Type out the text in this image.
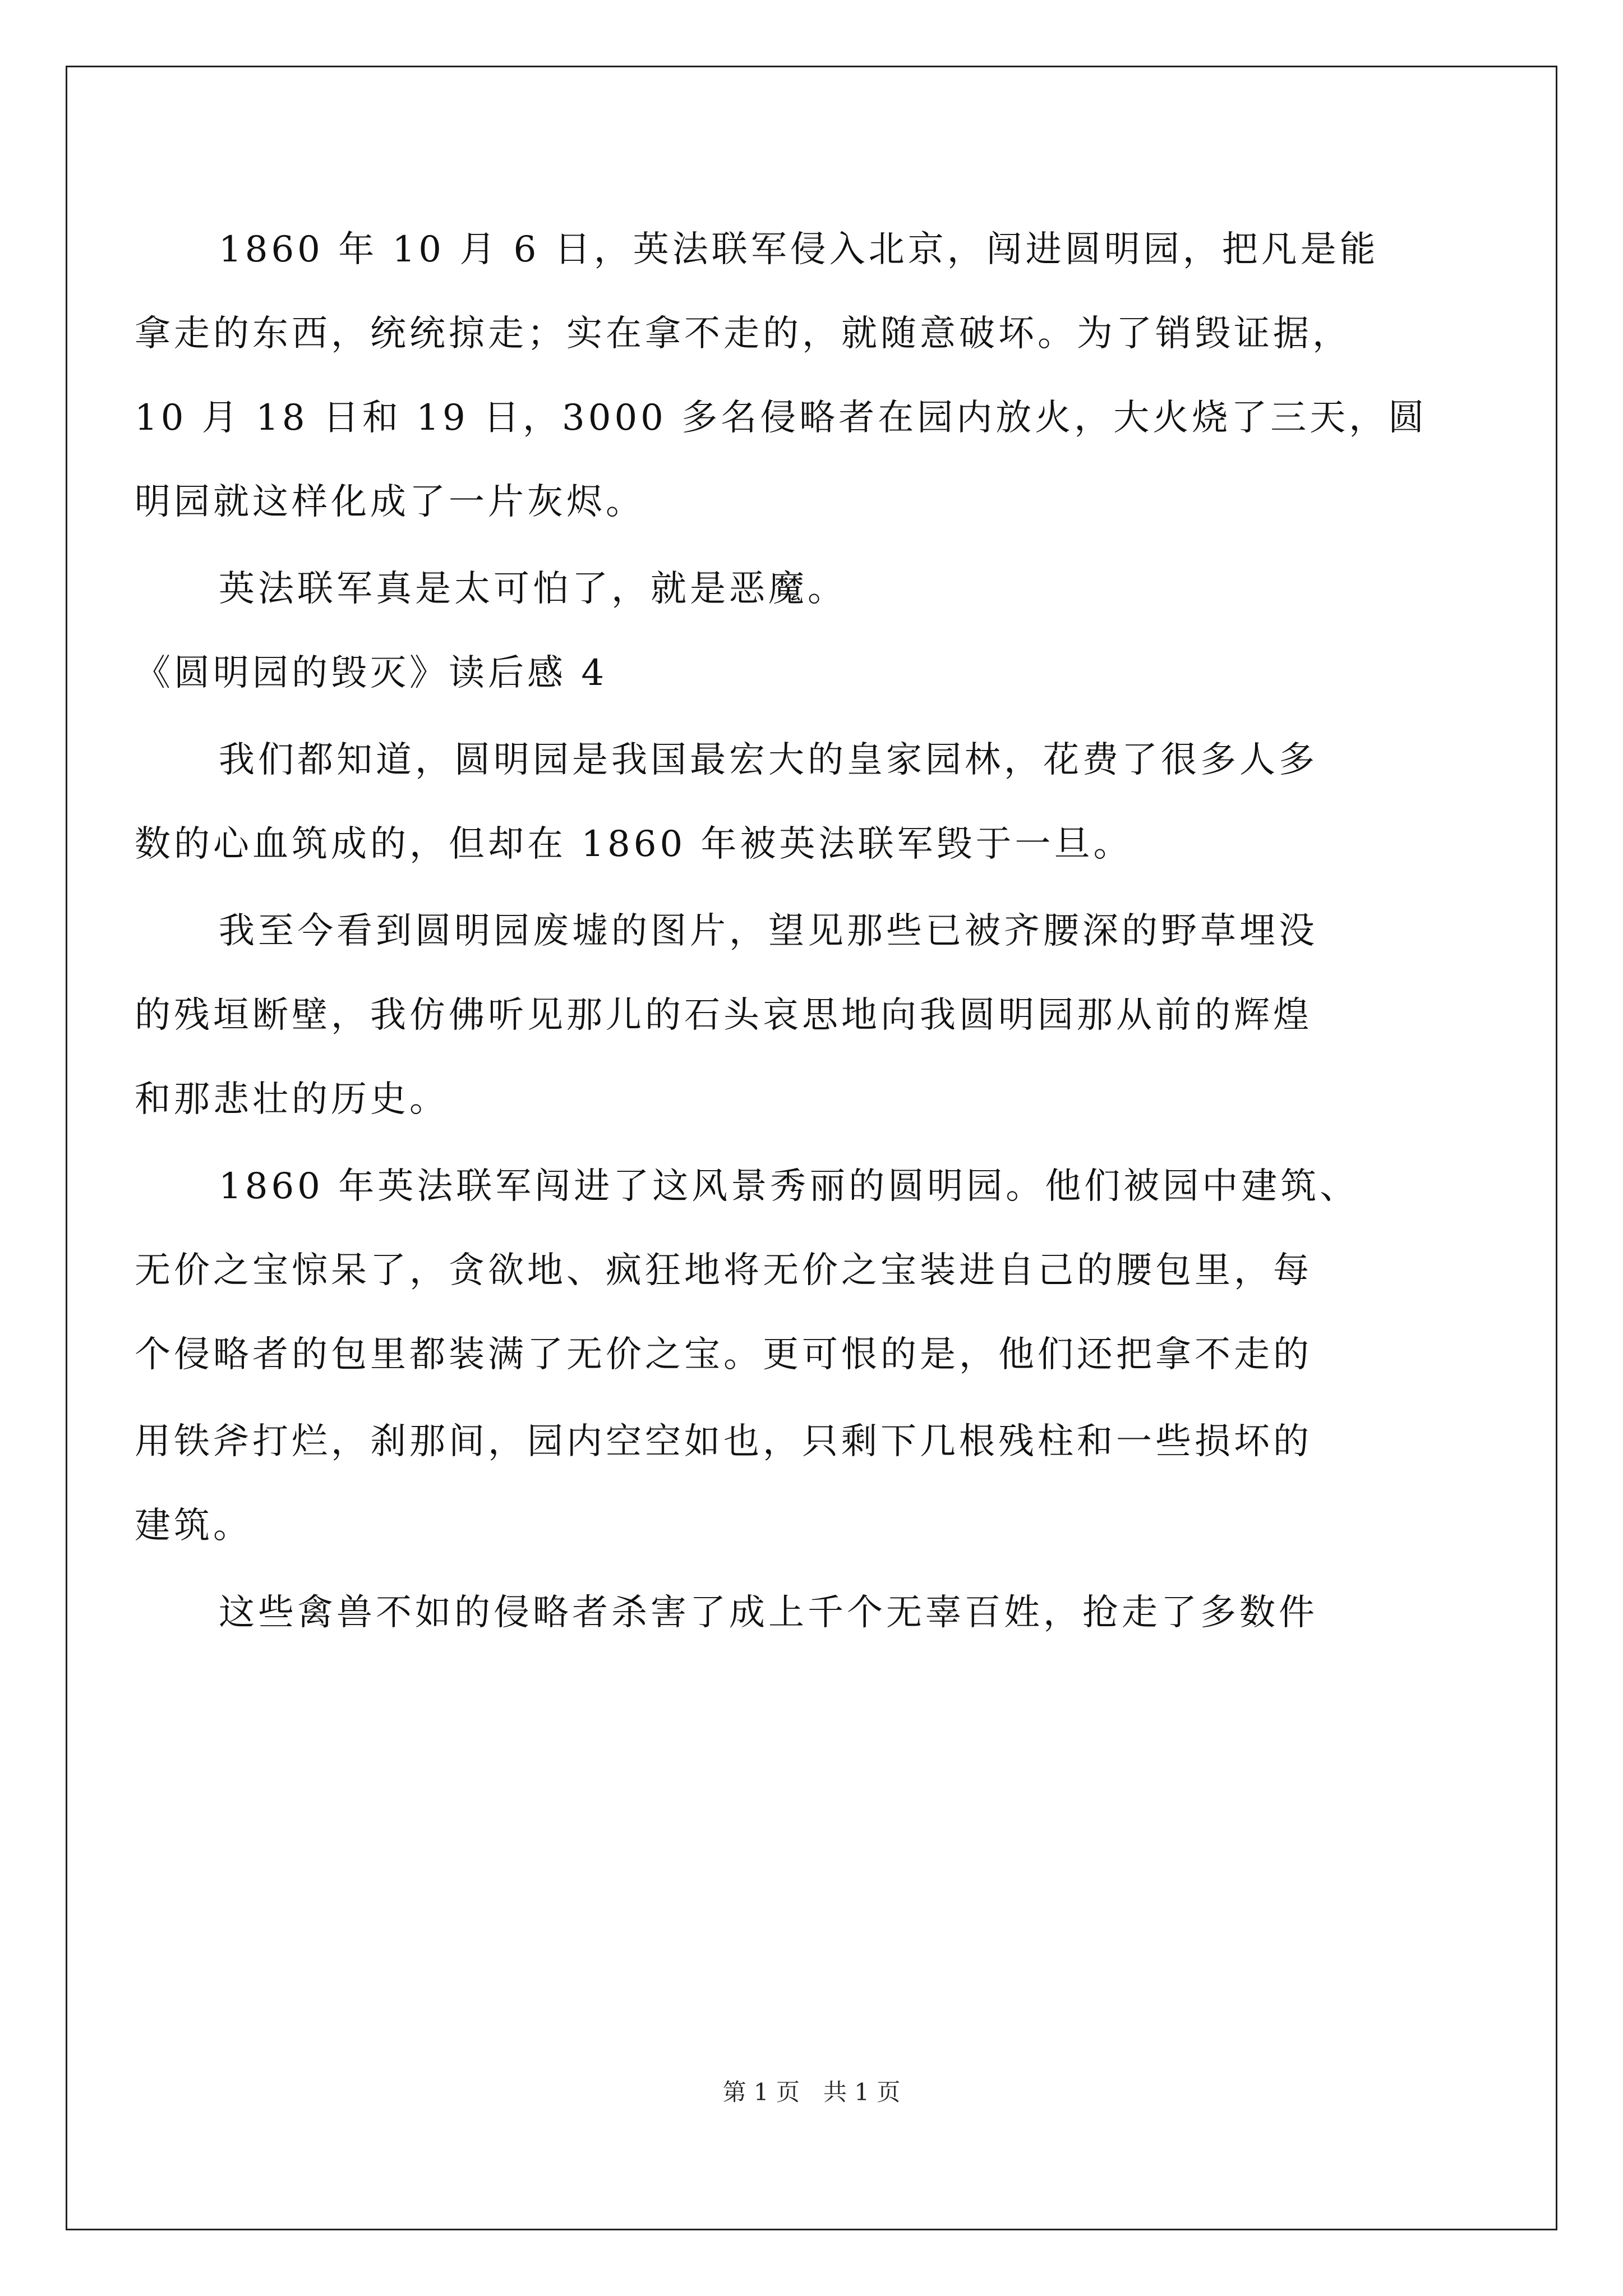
1860 年 10 月 6 日，英法联军侵入北京，闯进圆明园，把凡是能
拿走的东西，统统掠走；实在拿不走的，就随意破坏。为了销毁证据，
10 月 18 日和 19 日，3000 多名侵略者在园内放火，大火烧了三天，圆
明园就这样化成了一片灰烬。
英法联军真是太可怕了，就是恶魔。
《圆明园的毁灭》读后感 4
我们都知道，圆明园是我国最宏大的皇家园林，花费了很多人多
数的心血筑成的，但却在 1860 年被英法联军毁于一旦。
我至今看到圆明园废墟的图片，望见那些已被齐腰深的野草埋没
的残垣断壁，我仿佛听见那儿的石头哀思地向我圆明园那从前的辉煌
和那悲壮的历史。
1860 年英法联军闯进了这风景秀丽的圆明园。他们被园中建筑、
无价之宝惊呆了，贪欲地、疯狂地将无价之宝装进自己的腰包里，每
个侵略者的包里都装满了无价之宝。更可恨的是，他们还把拿不走的
用铁斧打烂，刹那间，园内空空如也，只剩下几根残柱和一些损坏的
建筑。
这些禽兽不如的侵略者杀害了成上千个无辜百姓，抢走了多数件
第 1 页　共 1 页
